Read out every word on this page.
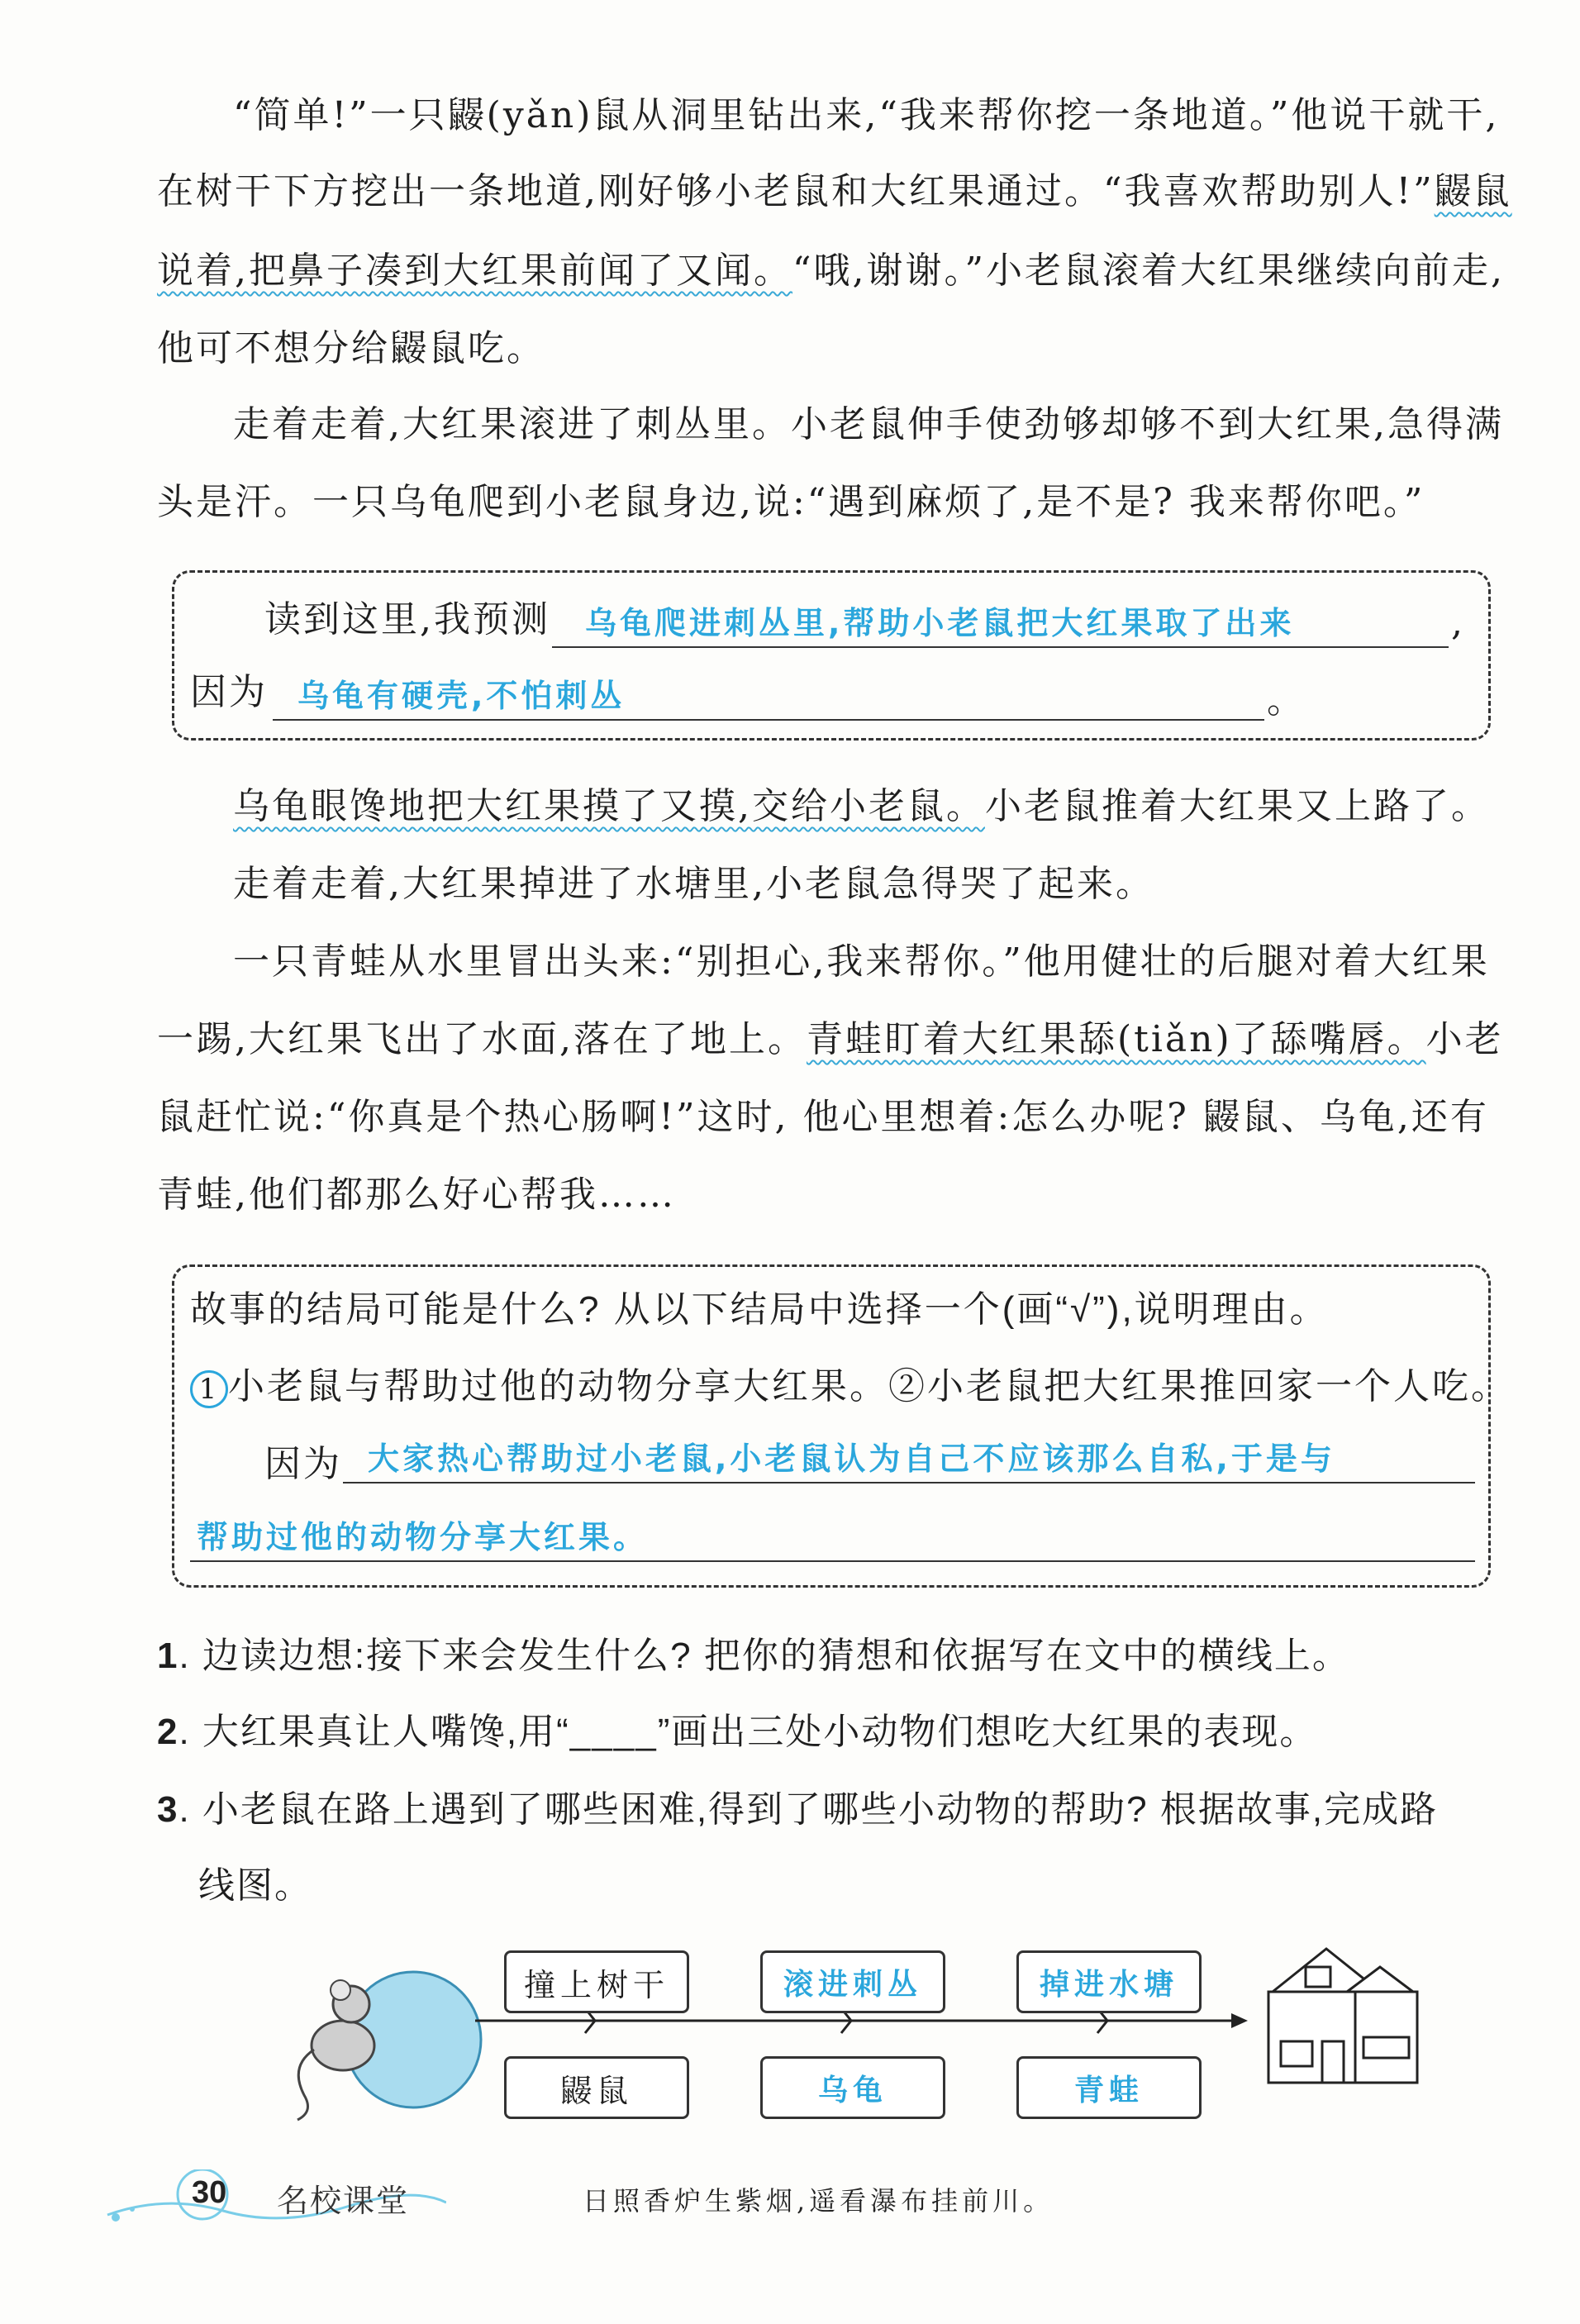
“简单!”一只鼹(yǎn)鼠从洞里钻出来,“我来帮你挖一条地道。”他说干就干,
在树干下方挖出一条地道,刚好够小老鼠和大红果通过。“我喜欢帮助别人!”鼹鼠
说着,把鼻子凑到大红果前闻了又闻。“哦,谢谢。”小老鼠滚着大红果继续向前走,
他可不想分给鼹鼠吃。
走着走着,大红果滚进了刺丛里。小老鼠伸手使劲够却够不到大红果,急得满
头是汗。一只乌龟爬到小老鼠身边,说:“遇到麻烦了,是不是? 我来帮你吧。”
读到这里,我预测 乌龟爬进刺丛里,帮助小老鼠把大红果取了出来	,
因为 乌龟有硬壳,不怕刺丛	。
乌龟眼馋地把大红果摸了又摸,交给小老鼠。小老鼠推着大红果又上路了。
走着走着,大红果掉进了水塘里,小老鼠急得哭了起来。
一只青蛙从水里冒出头来:“别担心,我来帮你。”他用健壮的后腿对着大红果
一踢,大红果飞出了水面,落在了地上。青蛙盯着大红果舔(tiǎn)了舔嘴唇。小老
鼠赶忙说:“你真是个热心肠啊!”这时, 他心里想着:怎么办呢? 鼹鼠、乌龟,还有
青蛙,他们都那么好心帮我……
故事的结局可能是什么? 从以下结局中选择一个(画“√”),说明理由。
1 小老鼠与帮助过他的动物分享大红果。②小老鼠把大红果推回家一个人吃。
因为 大家热心帮助过小老鼠,小老鼠认为自己不应该那么自私,于是与
帮助过他的动物分享大红果。
1. 边读边想:接下来会发生什么? 把你的猜想和依据写在文中的横线上。
2. 大红果真让人嘴馋,用“____”画出三处小动物们想吃大红果的表现。
3. 小老鼠在路上遇到了哪些困难,得到了哪些小动物的帮助? 根据故事,完成路
线图。
撞上树干	滚进刺丛	掉进水塘
鼹鼠	乌龟	青蛙
30 名校课堂	日照香炉生紫烟,遥看瀑布挂前川。
